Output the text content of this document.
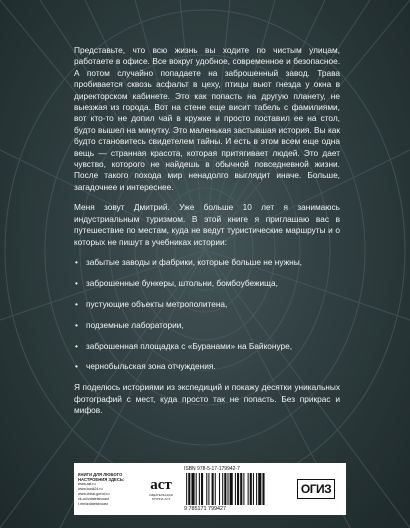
Представьте, что всю жизнь вы ходите по чистым улицам, работаете в офисе. Все вокруг удобное, современное и безопасное. А потом случайно попадаете на заброшенный завод. Трава пробивается сквозь асфальт в цеху, птицы вьют гнезда у окна в директорском кабинете. Это как попасть на другую планету, не выезжая из города. Вот на стене еще висит табель с фамилиями, вот кто-то не допил чай в кружке и просто поставил ее на стол, будто вышел на минутку. Это маленькая застывшая история. Вы как будто становитесь свидетелем тайны. И есть в этом всем еще одна вещь — странная красота, которая притягивает людей. Это дает чувство, которого не найдешь в обычной повседневной жизни. После такого похода мир ненадолго выглядит иначе. Больше, загадочнее и интереснее.

Меня зовут Дмитрий. Уже больше 10 лет я занимаюсь индустриальным туризмом. В этой книге я приглашаю вас в путешествие по местам, куда не ведут туристические маршруты и о которых не пишут в учебниках истории:

• забытые заводы и фабрики, которые больше не нужны,
• заброшенные бункеры, штольни, бомбоубежища,
• пустующие объекты метрополитена,
• подземные лаборатории,
• заброшенная площадка с «Буранами» на Байконуре,
• чернобыльская зона отчуждения.

Я поделюсь историями из экспедиций и покажу десятки уникальных фотографий с мест, куда просто так не попасть. Без прикрас и мифов.

КНИГИ ДЛЯ ЛЮБОГО НАСТРОЕНИЯ ЗДЕСЬ:
www.ast.ru
www.book24.ru
www.chitai-gorod.ru
vk.cc/izdatelstvoast
t.me/izdatelstvoast
аст
ИЗДАТЕЛЬСКАЯ ГРУППА АСТ
ISBN 978-5-17-179942-7
9 785171 799427
ОГИЗ
